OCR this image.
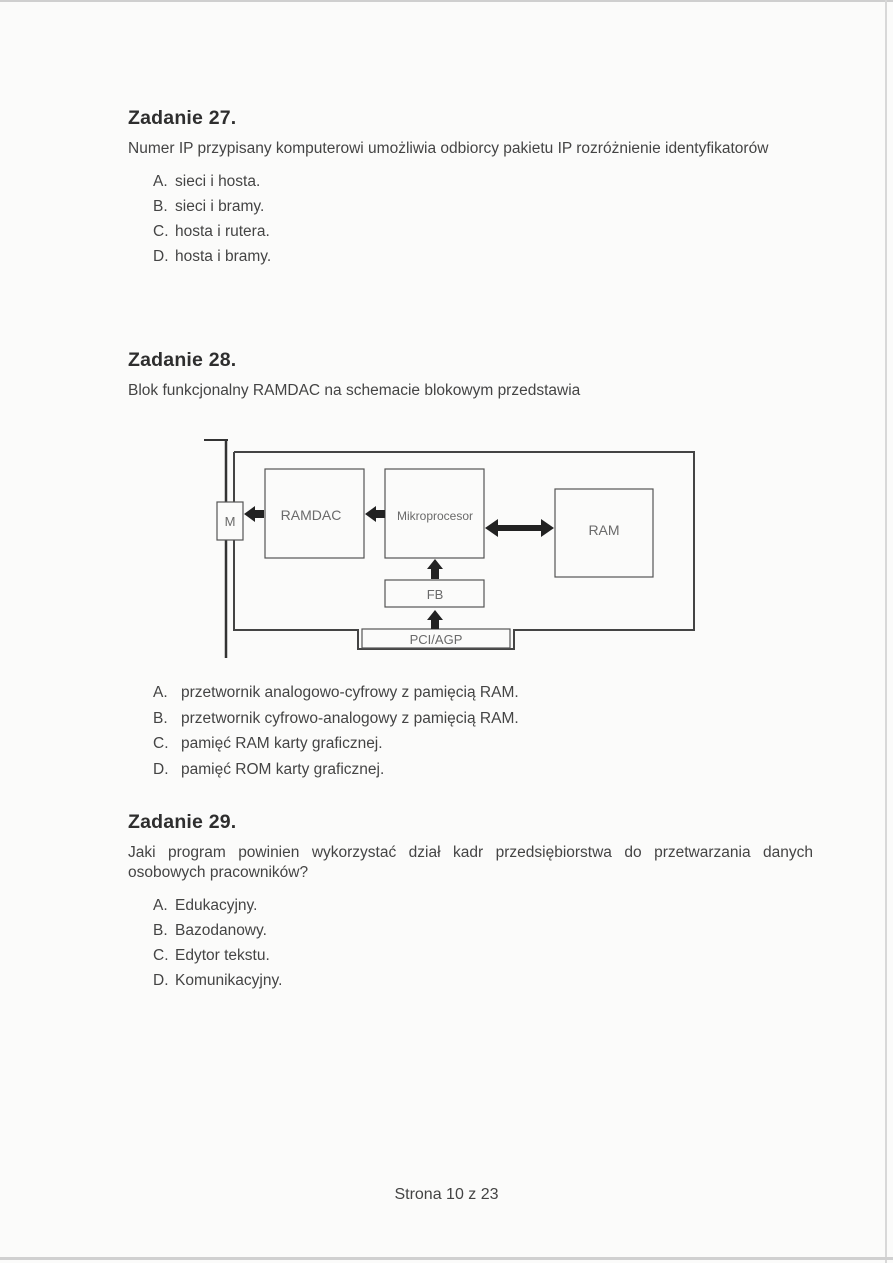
Zadanie 27.
Numer IP przypisany komputerowi umożliwia odbiorcy pakietu IP rozróżnienie identyfikatorów
A. sieci i hosta.
B. sieci i bramy.
C. hosta i rutera.
D. hosta i bramy.
Zadanie 28.
Blok funkcjonalny RAMDAC na schemacie blokowym przedstawia
M	RAMDAC	Mikroprocesor
RAM
FB
PCI/AGP
A. przetwornik analogowo-cyfrowy z pamięcią RAM.
B. przetwornik cyfrowo-analogowy z pamięcią RAM.
C. pamięć RAM karty graficznej.
D. pamięć ROM karty graficznej.
Zadanie 29.
Jaki program powinien wykorzystać dział kadr przedsiębiorstwa do przetwarzania danych osobowych pracowników?
A. Edukacyjny.
B. Bazodanowy.
C. Edytor tekstu.
D. Komunikacyjny.
Strona 10 z 23
